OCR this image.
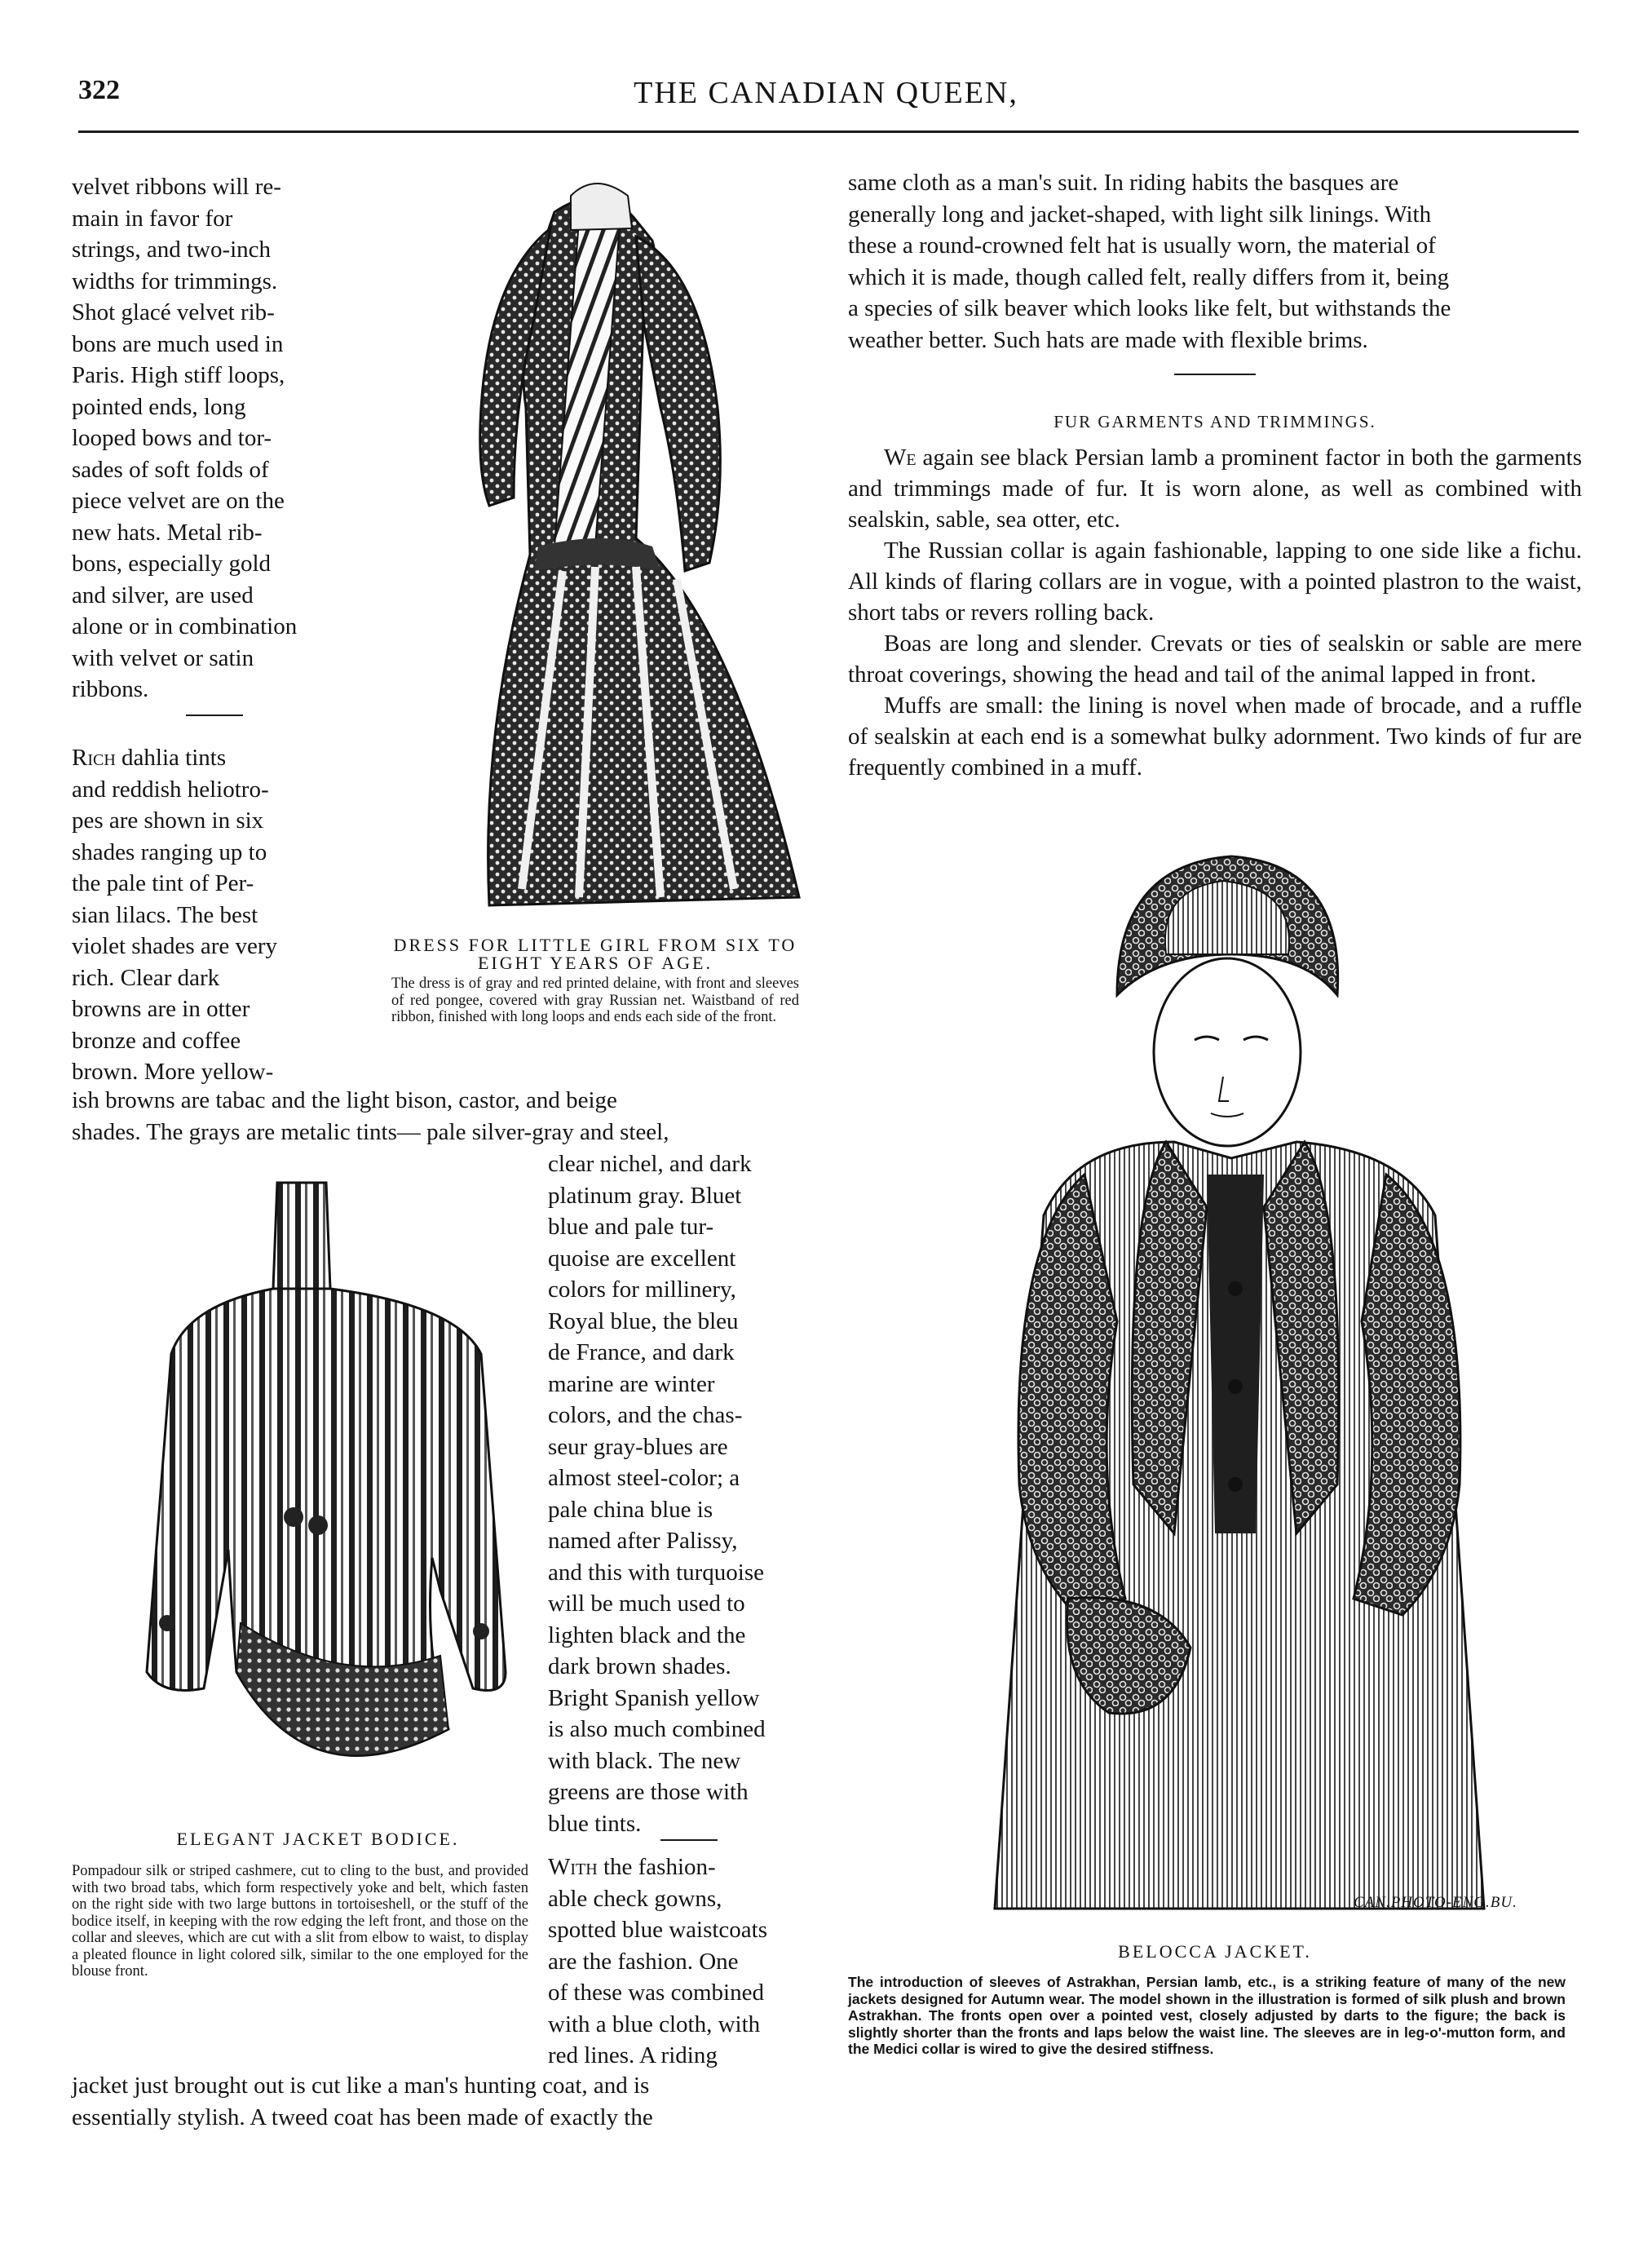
322	THE CANADIAN QUEEN,

velvet ribbons will re-

main in favor for

strings, and two-inch

widths for trimmings.

Shot glacé velvet rib-

bons are much used in

Paris. High stiff loops,

pointed ends, long

looped bows and tor-

sades of soft folds of

piece velvet are on the

new hats. Metal rib-

bons, especially gold

and silver, are used

alone or in combination

with velvet or satin

ribbons.

Rich dahlia tints

and reddish heliotro-

pes are shown in six

shades ranging up to

the pale tint of Per-

sian lilacs. The best

violet shades are very

rich. Clear dark

browns are in otter

bronze and coffee

brown. More yellow-

DRESS FOR LITTLE GIRL FROM SIX TO EIGHT YEARS OF AGE.
The dress is of gray and red printed delaine, with front and sleeves of red pongee, covered with gray Russian net. Waistband of red ribbon, finished with long loops and ends each side of the front.

ish browns are tabac and the light bison, castor, and beige

shades. The grays are metalic tints— pale silver-gray and steel,

ELEGANT JACKET BODICE.
Pompadour silk or striped cashmere, cut to cling to the bust, and provided with two broad tabs, which form respectively yoke and belt, which fasten on the right side with two large buttons in tortoiseshell, or the stuff of the bodice itself, in keeping with the row edging the left front, and those on the collar and sleeves, which are cut with a slit from elbow to waist, to display a pleated flounce in light colored silk, similar to the one employed for the blouse front.

clear nichel, and dark

platinum gray. Bluet

blue and pale tur-

quoise are excellent

colors for millinery,

Royal blue, the bleu

de France, and dark

marine are winter

colors, and the chas-

seur gray-blues are

almost steel-color; a

pale china blue is

named after Palissy,

and this with turquoise

will be much used to

lighten black and the

dark brown shades.

Bright Spanish yellow

is also much combined

with black. The new

greens are those with

blue tints.

With the fashion-

able check gowns,

spotted blue waistcoats

are the fashion. One

of these was combined

with a blue cloth, with

red lines. A riding

jacket just brought out is cut like a man's hunting coat, and is

essentially stylish. A tweed coat has been made of exactly the

same cloth as a man's suit. In riding habits the basques are

generally long and jacket-shaped, with light silk linings. With

these a round-crowned felt hat is usually worn, the material of

which it is made, though called felt, really differs from it, being

a species of silk beaver which looks like felt, but withstands the

weather better. Such hats are made with flexible brims.

FUR GARMENTS AND TRIMMINGS.

We again see black Persian lamb a prominent factor in both the garments and trimmings made of fur. It is worn alone, as well as combined with sealskin, sable, sea otter, etc.

The Russian collar is again fashionable, lapping to one side like a fichu. All kinds of flaring collars are in vogue, with a pointed plastron to the waist, short tabs or revers rolling back.

Boas are long and slender. Crevats or ties of sealskin or sable are mere throat coverings, showing the head and tail of the animal lapped in front.

Muffs are small: the lining is novel when made of brocade, and a ruffle of sealskin at each end is a somewhat bulky adornment. Two kinds of fur are frequently combined in a muff.

CAN.PHOTO-ENG.BU.
BELOCCA JACKET.
The introduction of sleeves of Astrakhan, Persian lamb, etc., is a striking feature of many of the new jackets designed for Autumn wear. The model shown in the illustration is formed of silk plush and brown Astrakhan. The fronts open over a pointed vest, closely adjusted by darts to the figure; the back is slightly shorter than the fronts and laps below the waist line. The sleeves are in leg-o'-mutton form, and the Medici collar is wired to give the desired stiffness.
